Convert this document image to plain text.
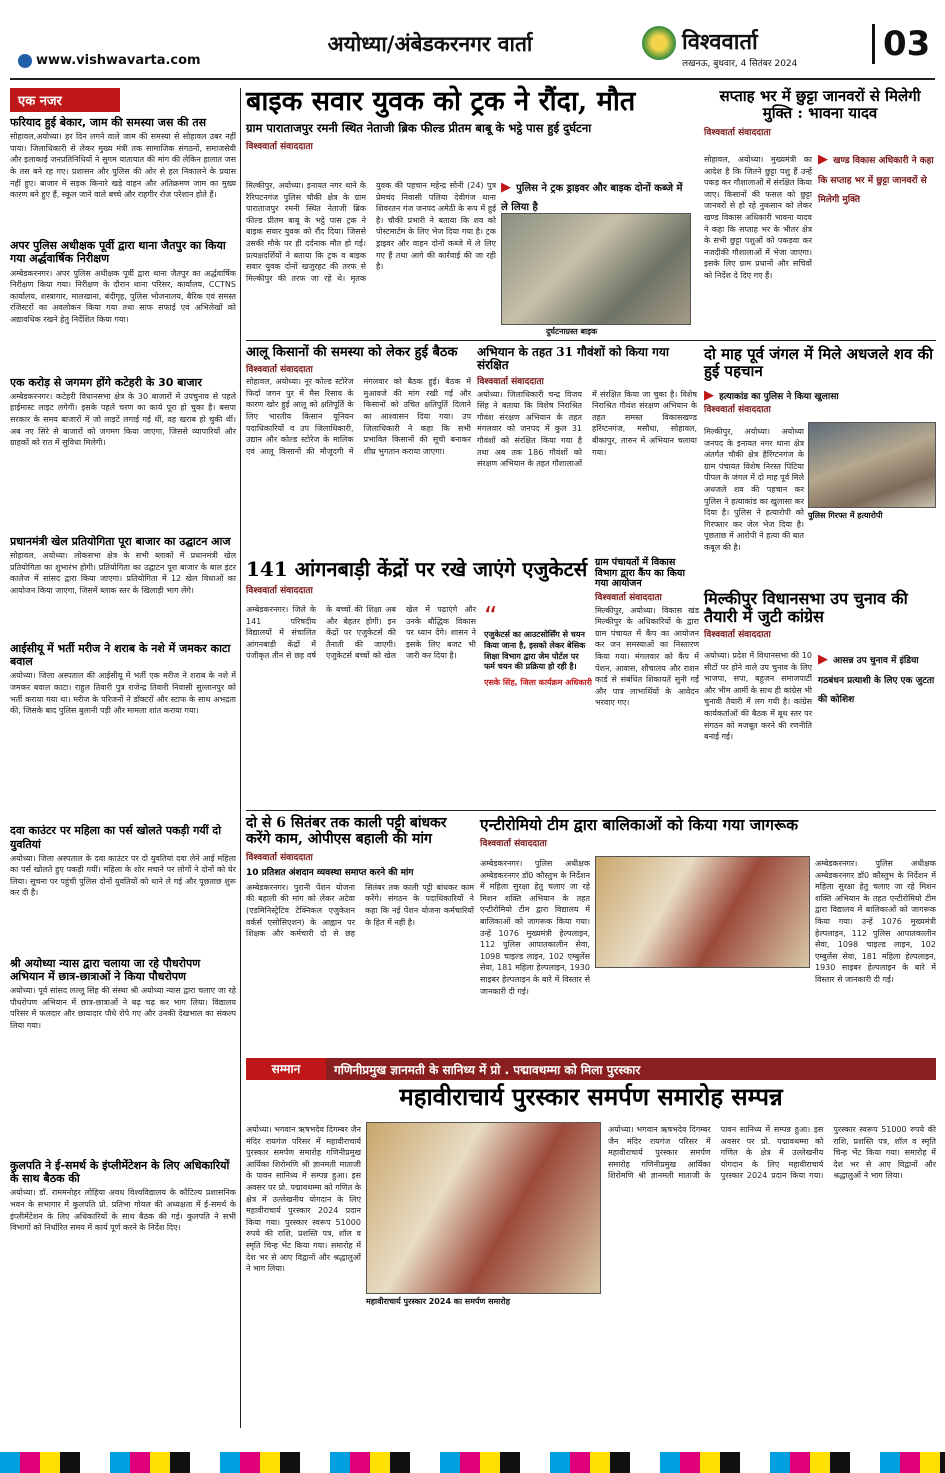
अयोध्या/अंबेडकरनगर वार्ता
www.vishwavarta.com
विश्ववार्ता
लखनऊ, बुधवार, 4 सितंबर 2024	03
एक नजर
फरियाद हुई बेकार, जाम की समस्या जस की तस
सोहावल,अयोध्या। हर दिन लगने वाले जाम की समस्या से सोहावल उबर नहीं पाया। जिलाधिकारी से लेकर मुख्य मंत्री तक सामाजिक संगठनों, समाजसेवी और इलाकाई जनप्रतिनिधियों ने सुगम यातायात की मांग की लेकिन हालात जस के तस बने रह गए। प्रशासन और पुलिस की ओर से हल निकालने के प्रयास नहीं हुए। बाजार में सड़क किनारे खड़े वाहन और अतिक्रमण जाम का मुख्य कारण बने हुए हैं, स्कूल जाने वाले बच्चे और राहगीर रोज परेशान होते हैं।
अपर पुलिस अधीक्षक पूर्वी द्वारा थाना जैतपुर का किया गया अर्द्धवार्षिक निरीक्षण
अम्बेडकरनगर। अपर पुलिस अधीक्षक पूर्वी द्वारा थाना जैतपुर का अर्द्धवार्षिक निरीक्षण किया गया। निरीक्षण के दौरान थाना परिसर, कार्यालय, CCTNS कार्यालय, शस्त्रागार, मालखाना, बंदीगृह, पुलिस भोजनालय, बैरिक एवं समस्त रजिस्टरों का अवलोकन किया गया तथा साफ सफाई एवं अभिलेखों को अद्यावधिक रखने हेतु निर्देशित किया गया।
एक करोड़ से जगमग होंगे कटेहरी के 30 बाजार
अम्बेडकरनगर। कटेहरी विधानसभा क्षेत्र के 30 बाजारों में उपचुनाव से पहले हाईमास्ट लाइट लगेगी। इसके पहले चरण का कार्य पूरा हो चुका है। बसपा सरकार के समय बाजारों में जो लाइटें लगाई गई थीं, वह खराब हो चुकी थीं। अब नए सिरे से बाजारों को जगमग किया जाएगा, जिससे व्यापारियों और ग्राहकों को रात में सुविधा मिलेगी।
प्रधानमंत्री खेल प्रतियोगिता पूरा बाजार का उद्घाटन आज
सोहावल, अयोध्या। लोकसभा क्षेत्र के सभी ब्लाकों में प्रधानमंत्री खेल प्रतियोगिता का शुभारंभ होगी। प्रतियोगिता का उद्घाटन पूरा बाजार के बाल इंटर कालेज में सांसद द्वारा किया जाएगा। प्रतियोगिता में 12 खेल विधाओं का आयोजन किया जाएगा, जिसमें ब्लाक स्तर के खिलाड़ी भाग लेंगे।
आईसीयू में भर्ती मरीज ने शराब के नशे में जमकर काटा बवाल
अयोध्या। जिला अस्पताल की आईसीयू में भर्ती एक मरीज ने शराब के नशे में जमकर बवाल काटा। राहुल तिवारी पुत्र राजेन्द्र तिवारी निवासी सुल्तानपुर को भर्ती कराया गया था। मरीज के परिजनों ने डॉक्टरों और स्टाफ के साथ अभद्रता की, जिसके बाद पुलिस बुलानी पड़ी और मामला शांत कराया गया।
दवा काउंटर पर महिला का पर्स खोलते पकड़ी गयीं दो युवतियां
अयोध्या। जिला अस्पताल के दवा काउंटर पर दो युवतियां दवा लेने आई महिला का पर्स खोलते हुए पकड़ी गयीं। महिला के शोर मचाने पर लोगों ने दोनों को घेर लिया। सूचना पर पहुंची पुलिस दोनों युवतियों को थाने ले गई और पूछताछ शुरू कर दी है।
श्री अयोध्या न्यास द्वारा चलाया जा रहे पौधरोपण अभियान में छात्र-छात्राओं ने किया पौधरोपण
अयोध्या। पूर्व सांसद लल्लू सिंह की संस्था श्री अयोध्या न्यास द्वारा चलाए जा रहे पौधरोपण अभियान में छात्र-छात्राओं ने बढ़ चढ़ कर भाग लिया। विद्यालय परिसर में फलदार और छायादार पौधे रोपे गए और उनकी देखभाल का संकल्प लिया गया।
कुलपति ने ई-समर्थ के इंप्लीमेंटेशन के लिए अधिकारियों के साथ बैठक की
अयोध्या। डॉ. राममनोहर लोहिया अवध विश्वविद्यालय के कौटिल्य प्रशासनिक भवन के सभागार में कुलपति प्रो. प्रतिभा गोयल की अध्यक्षता में ई-समर्थ के इंप्लीमेंटेशन के लिए अधिकारियों के साथ बैठक की गई। कुलपति ने सभी विभागों को निर्धारित समय में कार्य पूर्ण करने के निर्देश दिए।
बाइक सवार युवक को ट्रक ने रौंदा, मौत
ग्राम पाराताजपुर रमनी स्थित नेताजी ब्रिक फील्ड प्रीतम बाबू के भट्ठे पास हुई दुर्घटना
विश्ववार्ता संवाददाता
मिल्कीपुर, अयोध्या। इनायत नगर थाने के रैरिपटनगंज पुलिस चौकी क्षेत्र के ग्राम पाराताजपुर रमनी स्थित नेताजी ब्रिक फील्ड प्रीतम बाबू के भट्ठे पास ट्रक ने बाइक सवार युवक को रौंद दिया। जिससे उसकी मौके पर ही दर्दनाक मौत हो गई। प्रत्यक्षदर्शियों ने बताया कि ट्रक व बाइक सवार युवक दोनों खजुरहट की तरफ से मिल्कीपुर की तरफ जा रहे थे। मृतक युवक की पहचान महेन्द्र सोनी (24) पुत्र प्रेमचंद निवासी पलिया देवीगंज थाना शिवरतन गंज जनपद अमेठी के रूप में हुई है। चौकी प्रभारी ने बताया कि शव को पोस्टमार्टम के लिए भेज दिया गया है। ट्रक ड्राइवर और वाहन दोनों कब्जे में ले लिए गए हैं तथा आगे की कार्रवाई की जा रही है।
▶ पुलिस ने ट्रक ड्राइवर और बाइक दोनों कब्जे में ले लिया है
दुर्घटनाग्रस्त बाइक
सप्ताह भर में छुट्टा जानवरों से मिलेगी मुक्ति : भावना यादव
विश्ववार्ता संवाददाता
सोहावल, अयोध्या। मुख्यमंत्री का आदेश है कि जितने छुट्टा पशु हैं उन्हें पकड़ कर गौशालाओं में संरक्षित किया जाए। किसानों की फसल को छुट्टा जानवरों से हो रहे नुकसान को लेकर खण्ड विकास अधिकारी भावना यादव ने कहा कि सप्ताह भर के भीतर क्षेत्र के सभी छुट्टा पशुओं को पकड़वा कर नजदीकी गौशालाओं में भेजा जाएगा। इसके लिए ग्राम प्रधानों और सचिवों को निर्देश दे दिए गए हैं।
▶ खण्ड विकास अधिकारी ने कहा कि सप्ताह भर में छुट्टा जानवरों से मिलेगी मुक्ति
आलू किसानों की समस्या को लेकर हुई बैठक
विश्ववार्ता संवाददाता
सोहावल, अयोध्या। नूर कोल्ड स्टोरेज फिर्दा जगन पुर में मैस रिसाव के कारण खोर हुई आलू को क्षतिपूर्ति के लिए भारतीय किसान यूनियन पदाधिकारियों व उप जिलाधिकारी, उद्यान और कोल्ड स्टोरेज के मालिक एवं आलू किसानों की मौजूदगी में मंगलवार को बैठक हुई। बैठक में मुआवजे की मांग रखी गई और किसानों को उचित क्षतिपूर्ति दिलाने का आश्वासन दिया गया। उप जिलाधिकारी ने कहा कि सभी प्रभावित किसानों की सूची बनाकर शीघ्र भुगतान कराया जाएगा।
अभियान के तहत 31 गौवंशों को किया गया संरक्षित
विश्ववार्ता संवाददाता
अयोध्या। जिलाधिकारी चन्द्र विजय सिंह ने बताया कि विशेष निराश्रित गौवंश संरक्षण अभियान के तहत मंगलवार को जनपद में कुल 31 गौवंशों को संरक्षित किया गया है तथा अब तक 186 गौवंशों को संरक्षण अभियान के तहत गौशालाओं में संरक्षित किया जा चुका है। विशेष निराश्रित गौवंश संरक्षण अभियान के तहत समस्त विकासखण्ड हरिंग्टनगंज, मसौधा, सोहावल, बीकापुर, तारुन में अभियान चलाया गया।
दो माह पूर्व जंगल में मिले अधजले शव की हुई पहचान
▶ हत्याकांड का पुलिस ने किया खुलासा
विश्ववार्ता संवाददाता
मिल्कीपुर, अयोध्या। अयोध्या जनपद के इनायत नगर थाना क्षेत्र अंतर्गत चौकी क्षेत्र हैरिंग्टनगंज के ग्राम पंचायत विशेष निरस्त पिटिया पीपल के जंगल में दो माह पूर्व मिले अधजले शव की पहचान कर पुलिस ने हत्याकांड का खुलासा कर दिया है। पुलिस ने हत्यारोपी को गिरफ्तार कर जेल भेज दिया है। पूछताछ में आरोपी ने हत्या की बात कबूल की है।
पुलिस गिरफ्त में हत्यारोपी
141 आंगनबाड़ी केंद्रों पर रखे जाएंगे एजुकेटर्स
विश्ववार्ता संवाददाता
अम्बेडकरनगर। जिले के 141 परिषदीय विद्यालयों में संचालित आंगनबाड़ी केंद्रों में पंजीकृत तीन से छह वर्ष के बच्चों की शिक्षा अब और बेहतर होगी। इन केंद्रों पर एजुकेटर्स की तैनाती की जाएगी। एजुकेटर्स बच्चों को खेल खेल में पढ़ाएंगे और उनके बौद्धिक विकास पर ध्यान देंगे। शासन ने इसके लिए बजट भी जारी कर दिया है।
“
एजुकेटर्स का आउटसोर्सिंग से चयन किया जाना है, इसको लेकर बेसिक शिक्षा विभाग द्वारा जेम पोर्टल पर फर्म चयन की प्रक्रिया हो रही है।
एसके सिंह, जिला कार्यक्रम अधिकारी
ग्राम पंचायतों में विकास विभाग द्वारा कैंप का किया गया आयोजन
विश्ववार्ता संवाददाता
मिल्कीपुर, अयोध्या। विकास खंड मिल्कीपुर के अधिकारियों के द्वारा ग्राम पंचायत में कैंप का आयोजन कर जन समस्याओं का निस्तारण किया गया। मंगलवार को कैंप में पेंशन, आवास, शौचालय और राशन कार्ड से संबंधित शिकायतें सुनी गईं और पात्र लाभार्थियों के आवेदन भरवाए गए।
मिल्कीपुर विधानसभा उप चुनाव की तैयारी में जुटी कांग्रेस
विश्ववार्ता संवाददाता
अयोध्या। प्रदेश में विधानसभा की 10 सीटों पर होने वाले उप चुनाव के लिए भाजपा, सपा, बहुजन समाजपार्टी और भीम आर्मी के साथ ही कांग्रेस भी चुनावी तैयारी में लग गयी है। कांग्रेस कार्यकर्ताओं की बैठक में बूथ स्तर पर संगठन को मजबूत करने की रणनीति बनाई गई।
▶ आसन्न उप चुनाव में इंडिया गठबंधन प्रत्याशी के लिए एक जुटता की कोशिश
दो से 6 सितंबर तक काली पट्टी बांधकर करेंगे काम, ओपीएस बहाली की मांग
विश्ववार्ता संवाददाता
10 प्रतिशत अंशदान व्यवस्था समाप्त करने की मांग
अम्बेडकरनगर। पुरानी पेंशन योजना की बहाली की मांग को लेकर अटेवा (एडमिनिस्ट्रेटिव टेक्निकल एजुकेशन वर्कर्स एसोसिएशन) के आह्वान पर शिक्षक और कर्मचारी दो से छह सितंबर तक काली पट्टी बांधकर काम करेंगे। संगठन के पदाधिकारियों ने कहा कि नई पेंशन योजना कर्मचारियों के हित में नहीं है।
एन्टीरोमियो टीम द्वारा बालिकाओं को किया गया जागरूक
विश्ववार्ता संवाददाता
अम्बेडकरनगर। पुलिस अधीक्षक अम्बेडकरनगर डॉ0 कौस्तुभ के निर्देशन में महिला सुरक्षा हेतु चलाए जा रहे मिशन शक्ति अभियान के तहत एन्टीरोमियो टीम द्वारा विद्यालय में बालिकाओं को जागरूक किया गया। उन्हें 1076 मुख्यमंत्री हेल्पलाइन, 112 पुलिस आपातकालीन सेवा, 1098 चाइल्ड लाइन, 102 एम्बुलेंस सेवा, 181 महिला हेल्पलाइन, 1930 साइबर हेल्पलाइन के बारे में विस्तार से जानकारी दी गई।
अम्बेडकरनगर। पुलिस अधीक्षक अम्बेडकरनगर डॉ0 कौस्तुभ के निर्देशन में महिला सुरक्षा हेतु चलाए जा रहे मिशन शक्ति अभियान के तहत एन्टीरोमियो टीम द्वारा विद्यालय में बालिकाओं को जागरूक किया गया। उन्हें 1076 मुख्यमंत्री हेल्पलाइन, 112 पुलिस आपातकालीन सेवा, 1098 चाइल्ड लाइन, 102 एम्बुलेंस सेवा, 181 महिला हेल्पलाइन, 1930 साइबर हेल्पलाइन के बारे में विस्तार से जानकारी दी गई।
सम्मान	गणिनीप्रमुख ज्ञानमती के सानिध्य में प्रो . पद्मावथम्मा को मिला पुरस्कार
महावीराचार्य पुरस्कार समर्पण समारोह सम्पन्न
अयोध्या। भगवान ऋषभदेव दिगम्बर जैन मंदिर रायगंज परिसर में महावीराचार्य पुरस्कार समर्पण समारोह गणिनीप्रमुख आर्यिका शिरोमणि श्री ज्ञानमती माताजी के पावन सानिध्य में सम्पन्न हुआ। इस अवसर पर प्रो. पद्मावथम्मा को गणित के क्षेत्र में उल्लेखनीय योगदान के लिए महावीराचार्य पुरस्कार 2024 प्रदान किया गया। पुरस्कार स्वरूप 51000 रुपये की राशि, प्रशस्ति पत्र, शॉल व स्मृति चिन्ह भेंट किया गया। समारोह में देश भर से आए विद्वानों और श्रद्धालुओं ने भाग लिया।
महावीराचार्य पुरस्कार 2024 का समर्पण समारोह
अयोध्या। भगवान ऋषभदेव दिगम्बर जैन मंदिर रायगंज परिसर में महावीराचार्य पुरस्कार समर्पण समारोह गणिनीप्रमुख आर्यिका शिरोमणि श्री ज्ञानमती माताजी के पावन सानिध्य में सम्पन्न हुआ। इस अवसर पर प्रो. पद्मावथम्मा को गणित के क्षेत्र में उल्लेखनीय योगदान के लिए महावीराचार्य पुरस्कार 2024 प्रदान किया गया। पुरस्कार स्वरूप 51000 रुपये की राशि, प्रशस्ति पत्र, शॉल व स्मृति चिन्ह भेंट किया गया। समारोह में देश भर से आए विद्वानों और श्रद्धालुओं ने भाग लिया।
